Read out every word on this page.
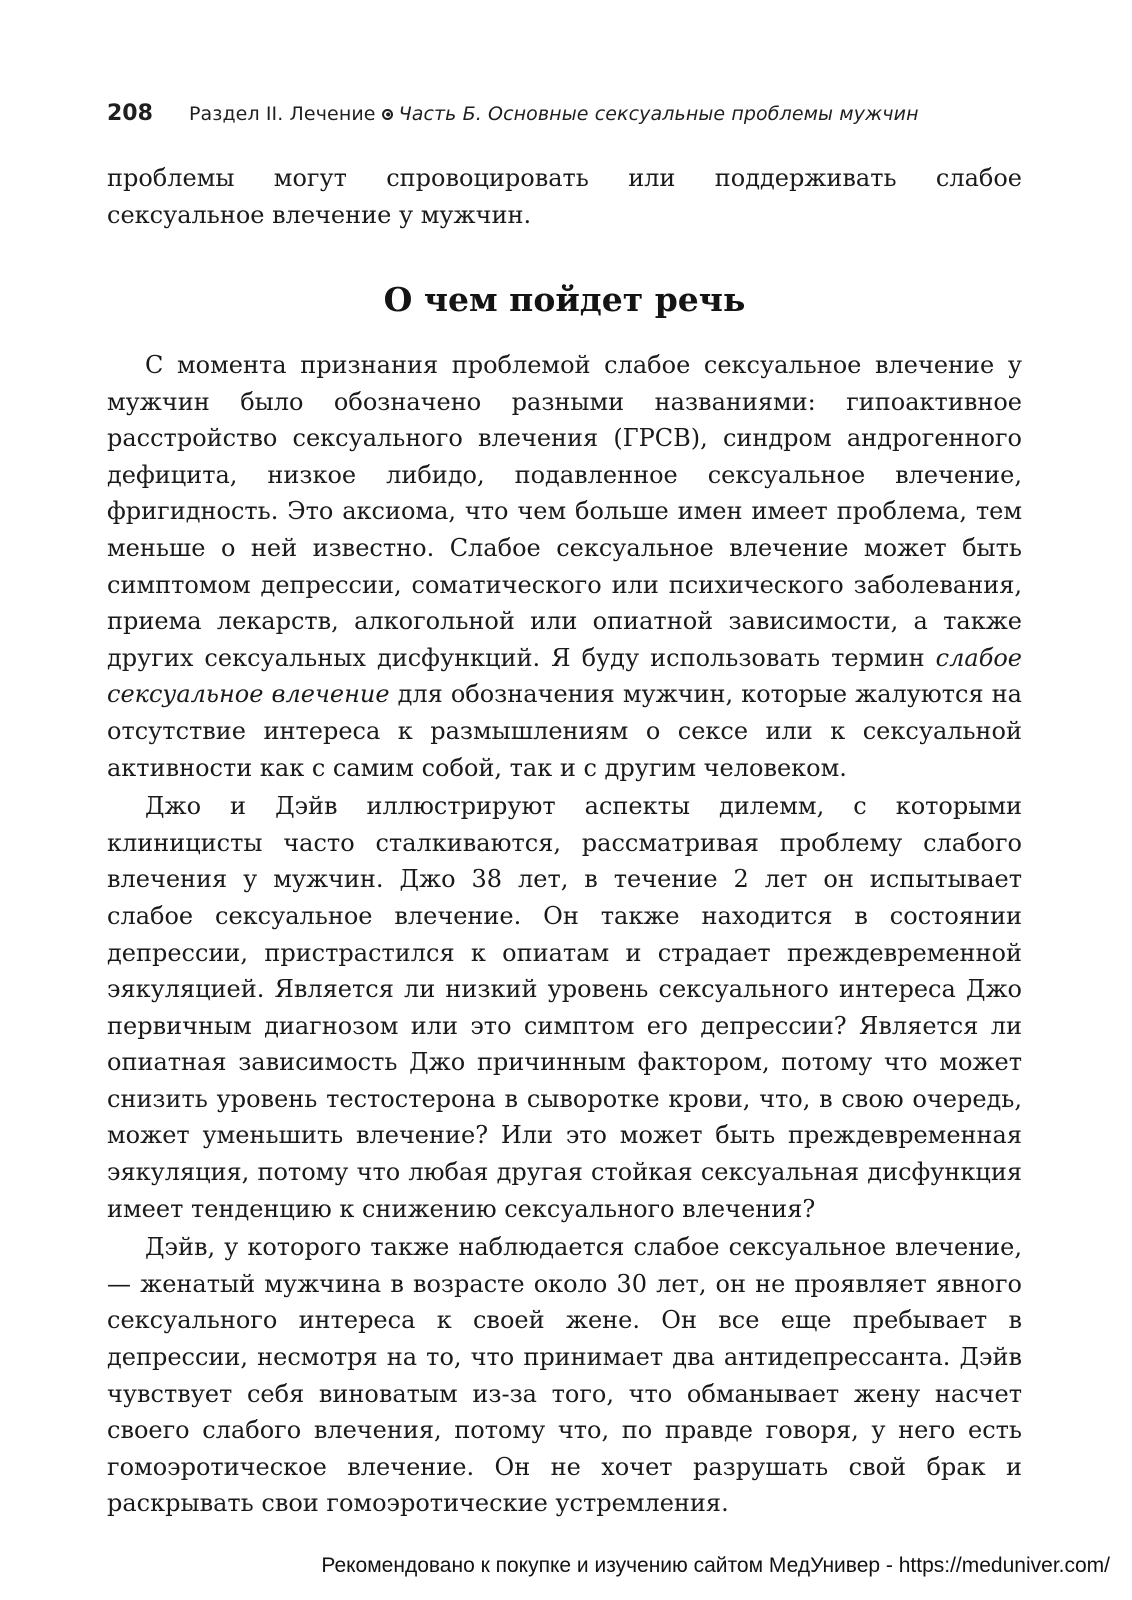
208 Раздел II. Лечение Часть Б. Основные сексуальные проблемы мужчин

проблемы могут спровоцировать или поддерживать слабое сексуальное влечение у мужчин.

О чем пойдет речь

С момента признания проблемой слабое сексуальное влечение у мужчин было обозначено разными названиями: гипоактивное расстройство сексуального влечения (ГРСВ), синдром андрогенного дефицита, низкое либидо, подавленное сексуальное влечение, фригидность. Это аксиома, что чем больше имен имеет проблема, тем меньше о ней известно. Слабое сексуальное влечение может быть симптомом депрессии, соматического или психического заболевания, приема лекарств, алкогольной или опиатной зависимости, а также других сексуальных дисфункций. Я буду использовать термин слабое сексуальное влечение для обозначения мужчин, которые жалуются на отсутствие интереса к размышлениям о сексе или к сексуальной активности как с самим собой, так и с другим человеком.

Джо и Дэйв иллюстрируют аспекты дилемм, с которыми клиницисты часто сталкиваются, рассматривая проблему слабого влечения у мужчин. Джо 38 лет, в течение 2 лет он испытывает слабое сексуальное влечение. Он также находится в состоянии депрессии, пристрастился к опиатам и страдает преждевременной эякуляцией. Является ли низкий уровень сексуального интереса Джо первичным диагнозом или это симптом его депрессии? Является ли опиатная зависимость Джо причинным фактором, потому что может снизить уровень тестостерона в сыворотке крови, что, в свою очередь, может уменьшить влечение? Или это может быть преждевременная эякуляция, потому что любая другая стойкая сексуальная дисфункция имеет тенденцию к снижению сексуального влечения?

Дэйв, у которого также наблюдается слабое сексуальное влечение, — женатый мужчина в возрасте около 30 лет, он не проявляет явного сексуального интереса к своей жене. Он все еще пребывает в депрессии, несмотря на то, что принимает два антидепрессанта. Дэйв чувствует себя виноватым из-за того, что обманывает жену насчет своего слабого влечения, потому что, по правде говоря, у него есть гомоэротическое влечение. Он не хочет разрушать свой брак и раскрывать свои гомоэротические устремления.

Рекомендовано к покупке и изучению сайтом МедУнивер - https://meduniver.com/
